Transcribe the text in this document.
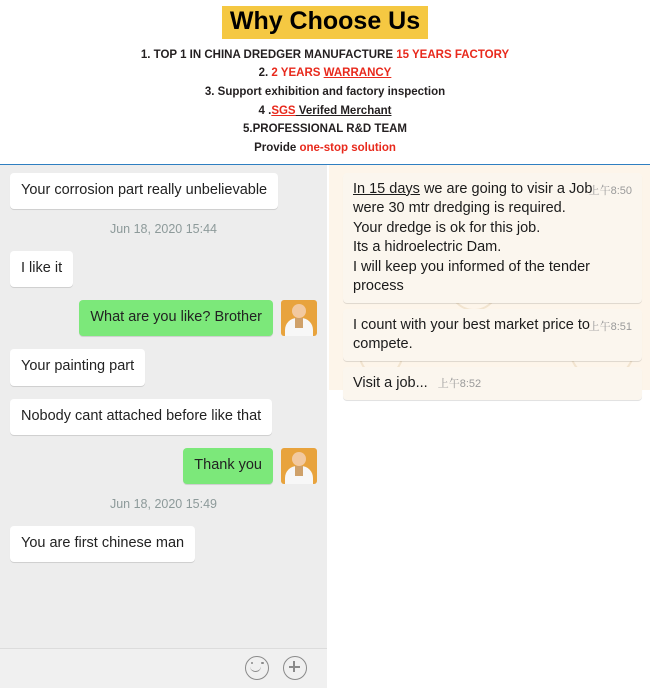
Why Choose Us
1. TOP 1 IN CHINA DREDGER MANUFACTURE 15 YEARS FACTORY
2. 2 YEARS WARRANCY
3. Support exhibition and factory inspection
4 .SGS Verifed Merchant
5.PROFESSIONAL R&D TEAM
Provide one-stop solution
Your corrosion part really unbelievable
Jun 18, 2020 15:44
I like it
What are you like? Brother
Your painting part
Nobody cant attached before like that
Thank you
Jun 18, 2020 15:49
You are first chinese man
上午8:50
In 15 days we are going to visir a Job
were 30 mtr dredging is required.
Your dredge is ok for this job.
Its a hidroelectric Dam.
I will keep you informed of the tender
process
上午8:51
I count with your best market price to
compete.
Visit a job... 上午8:52
